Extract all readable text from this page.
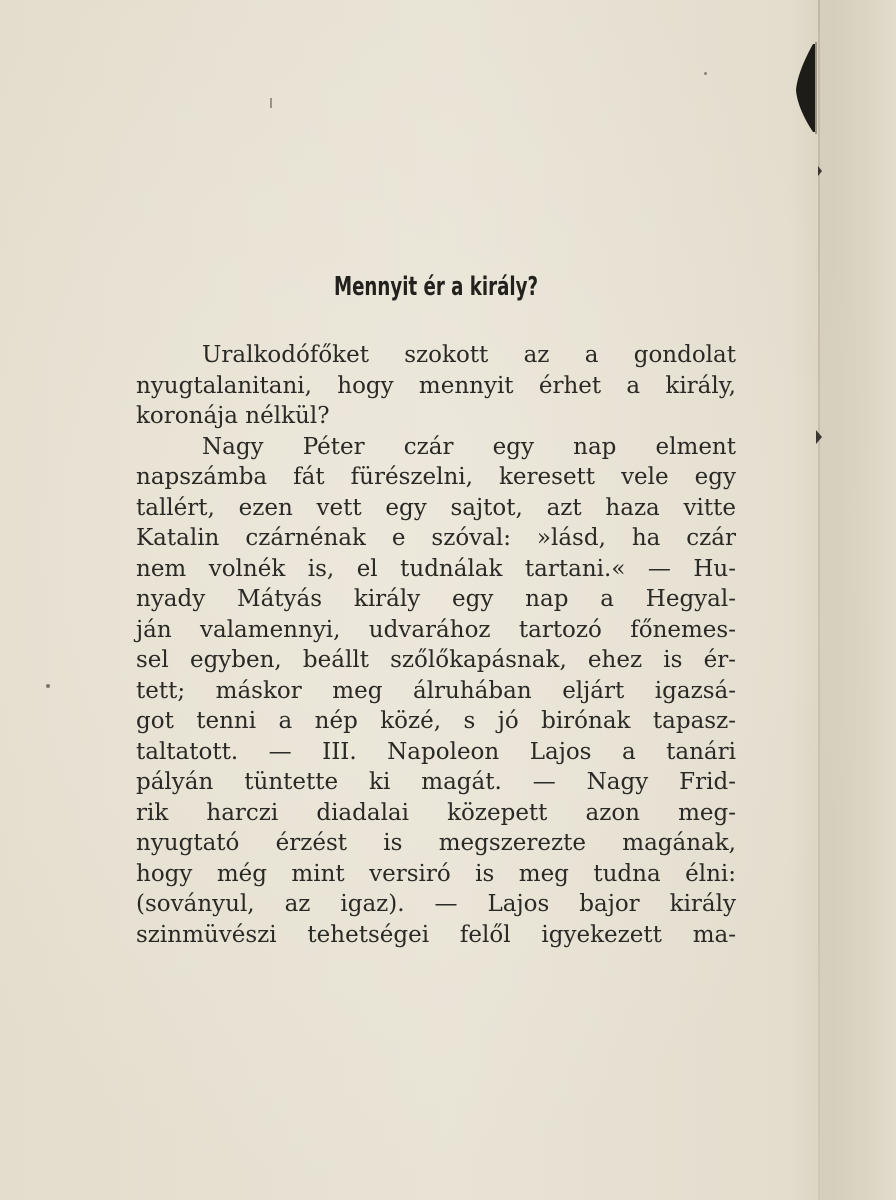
Mennyit ér a király?
Uralkodófőket szokott az a gondolat
nyugtalanitani, hogy mennyit érhet a király,
koronája nélkül?
Nagy Péter czár egy nap elment
napszámba fát fürészelni, keresett vele egy
tallért, ezen vett egy sajtot, azt haza vitte
Katalin czárnénak e szóval: »lásd, ha czár
nem volnék is, el tudnálak tartani.« — Hu-
nyady Mátyás király egy nap a Hegyal-
ján valamennyi, udvarához tartozó főnemes-
sel egyben, beállt szőlőkapásnak, ehez is ér-
tett; máskor meg álruhában eljárt igazsá-
got tenni a nép közé, s jó birónak tapasz-
taltatott. — III. Napoleon Lajos a tanári
pályán tüntette ki magát. — Nagy Frid-
rik harczi diadalai közepett azon meg-
nyugtató érzést is megszerezte magának,
hogy még mint versiró is meg tudna élni:
(soványul, az igaz). — Lajos bajor király
szinmüvészi tehetségei felől igyekezett ma-
